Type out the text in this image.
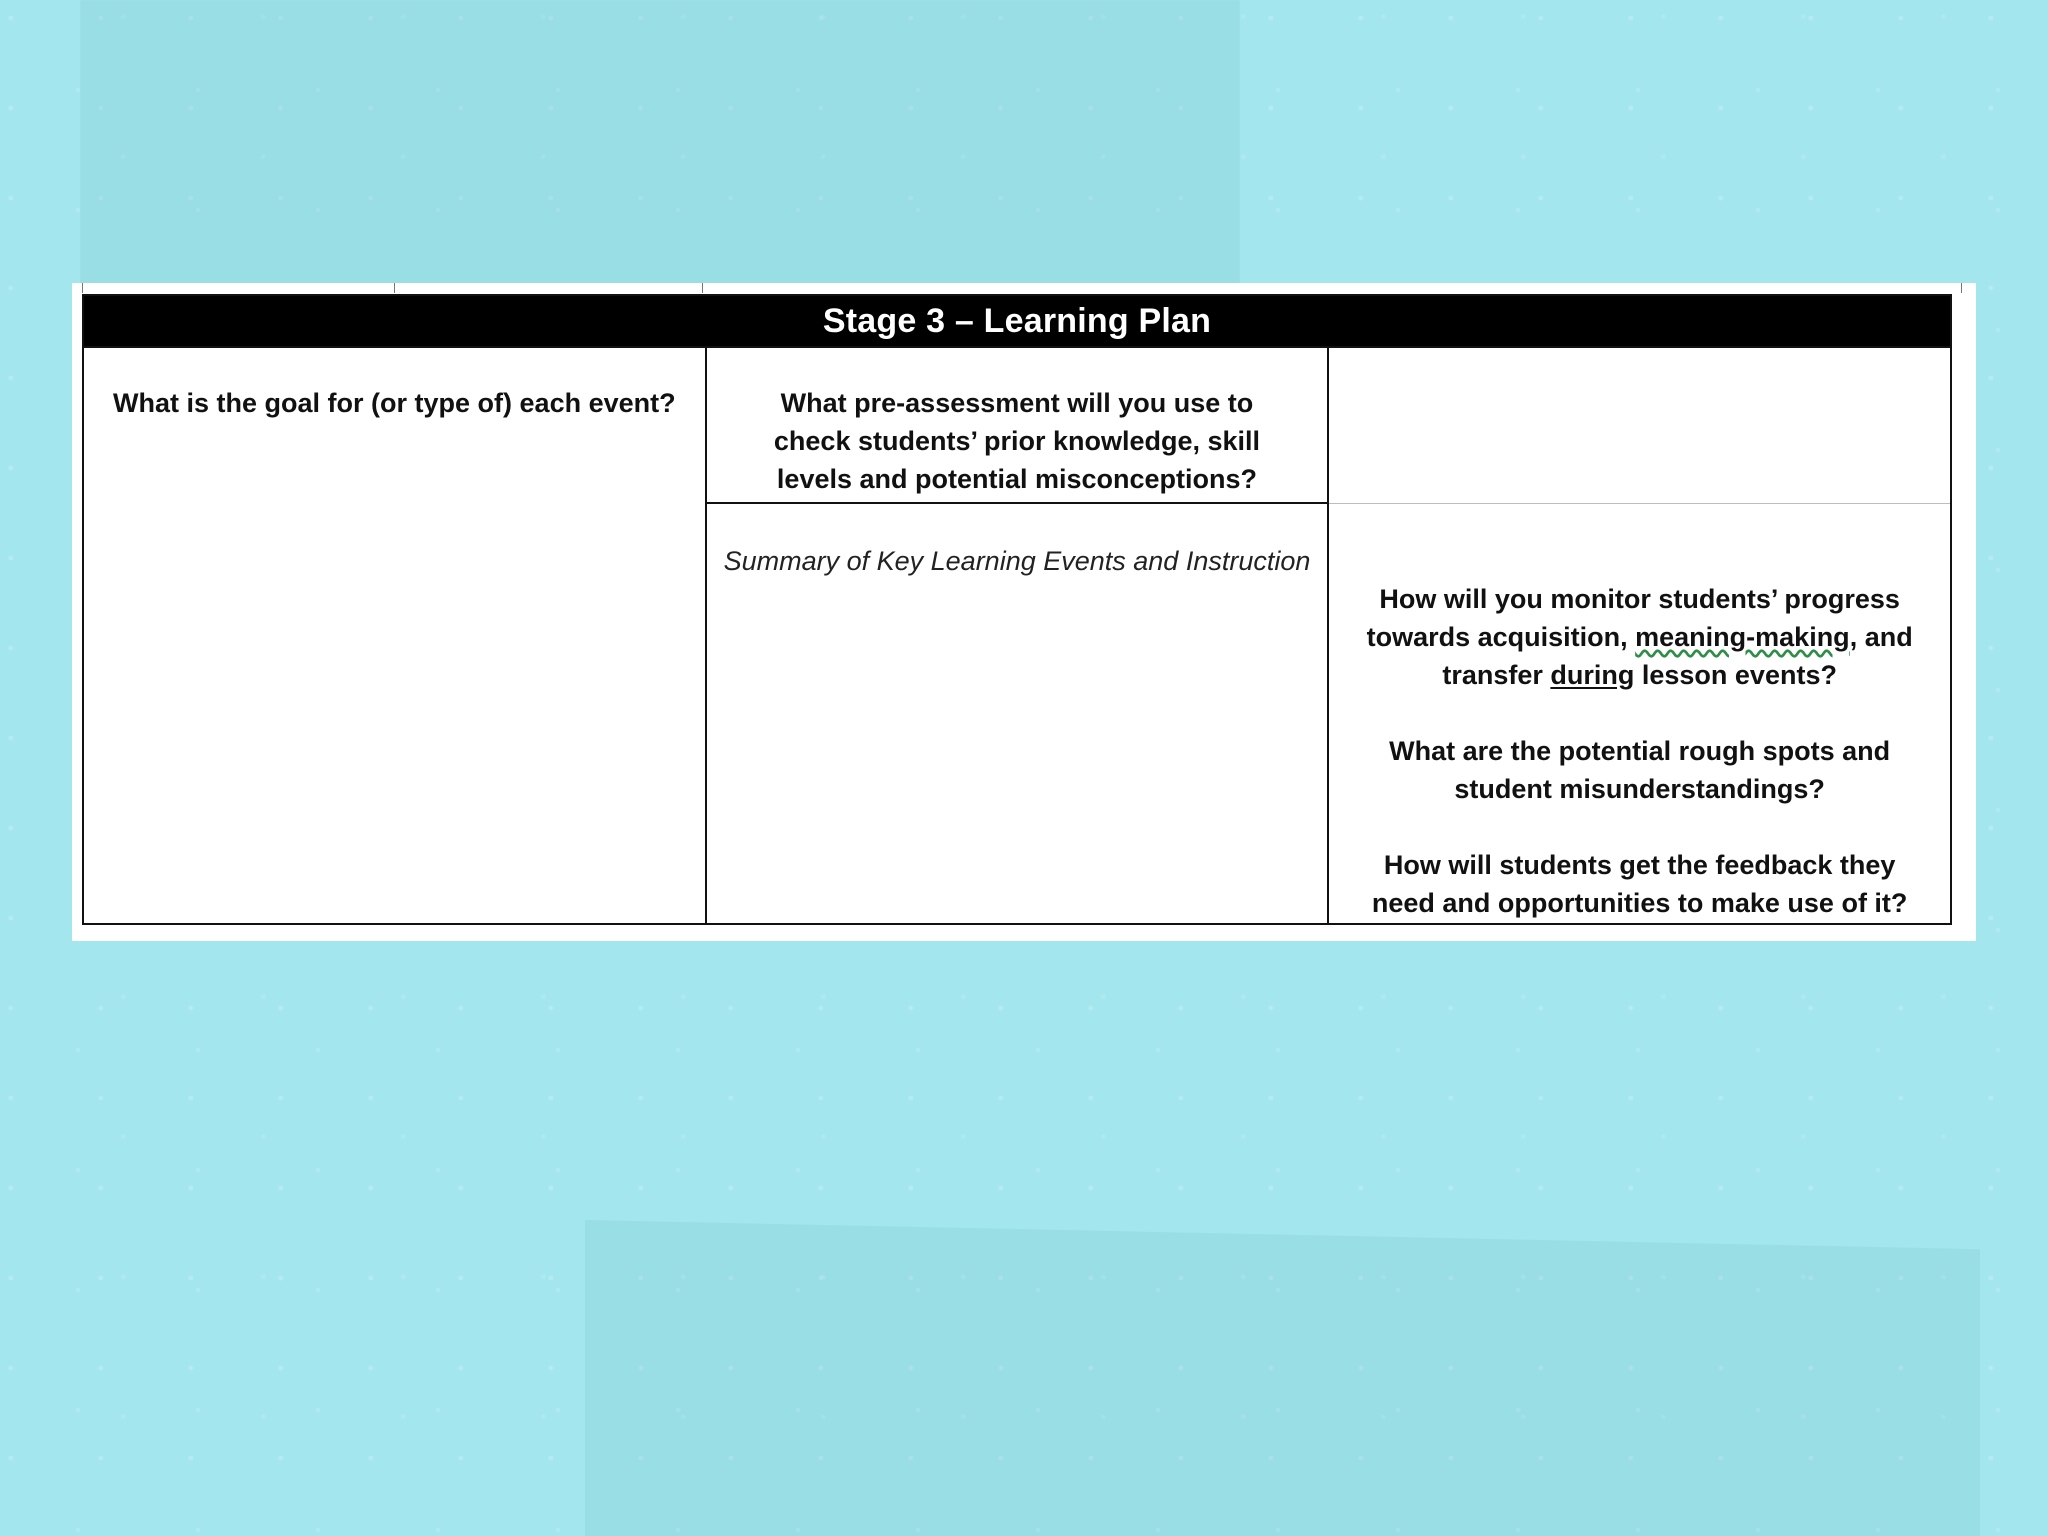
Stage 3 – Learning Plan		

What is the goal for (or type of) each event?	What pre-assessment will you use to check students’ prior knowledge, skill levels and potential misconceptions?	

	Summary of Key Learning Events and Instruction	How will you monitor students’ progress towards acquisition, meaning-making, and transfer during lesson events?
What are the potential rough spots and student misunderstandings?
How will students get the feedback they need and opportunities to make use of it?
